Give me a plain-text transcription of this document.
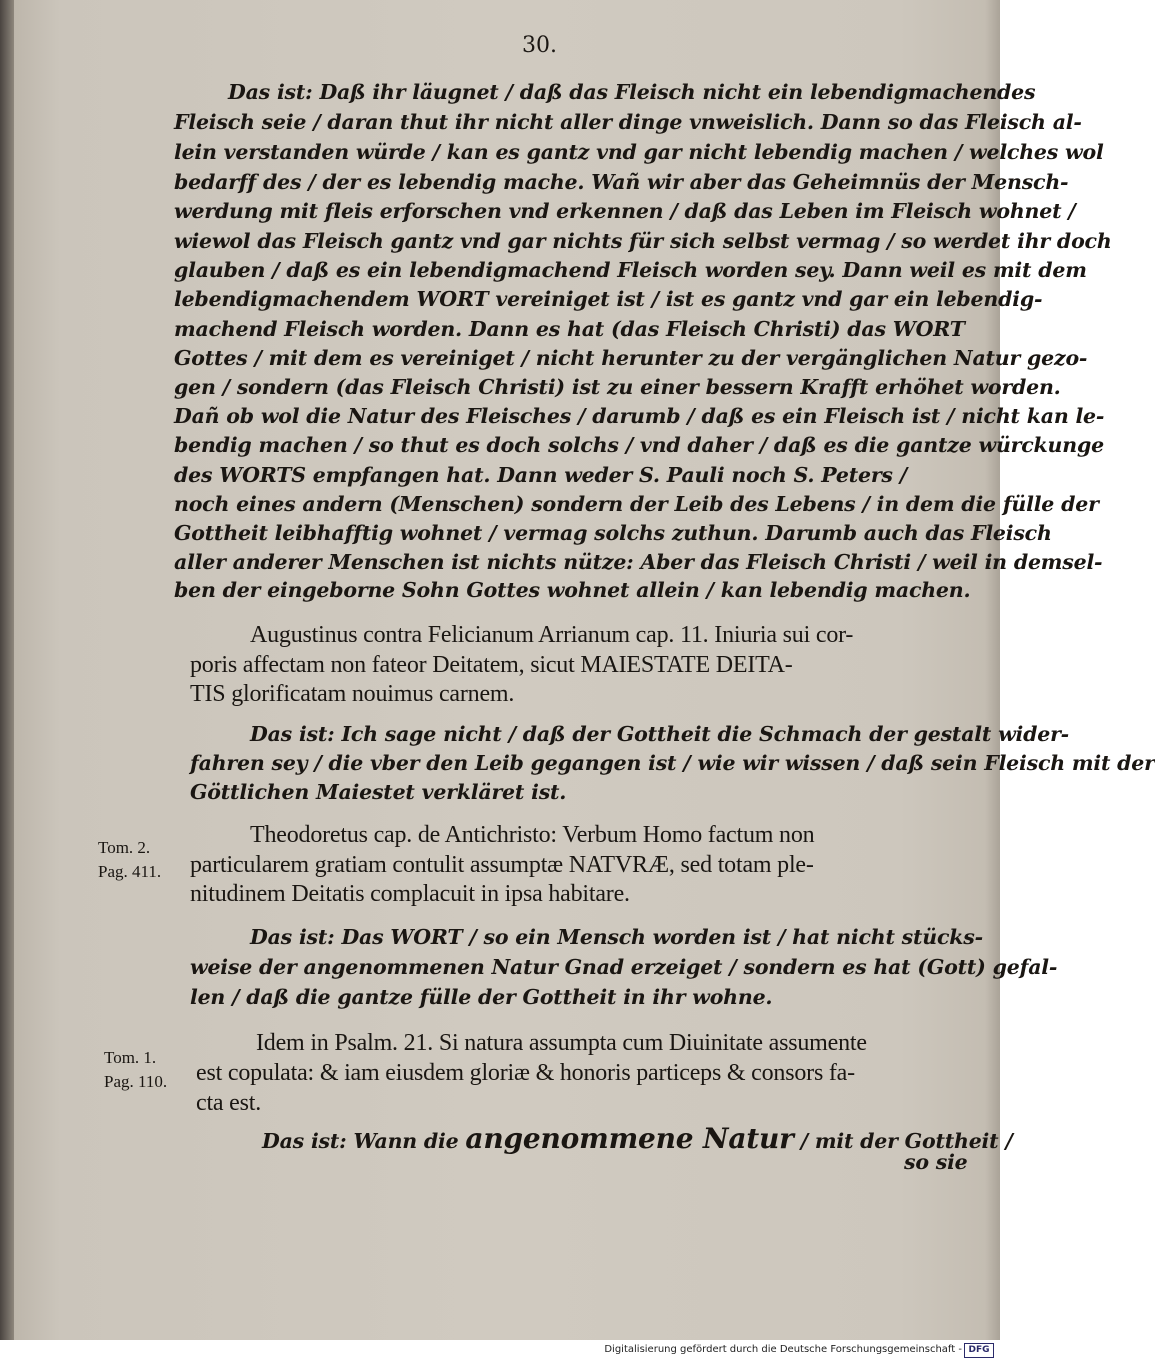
30.
Das ist: Daß ihr läugnet / daß das Fleisch nicht ein lebendigmachendes
Fleisch seie / daran thut ihr nicht aller dinge vnweislich. Dann so das Fleisch al-
lein verstanden würde / kan es gantz vnd gar nicht lebendig machen / welches wol
bedarff des / der es lebendig mache. Wañ wir aber das Geheimnüs der Mensch-
werdung mit fleis erforschen vnd erkennen / daß das Leben im Fleisch wohnet /
wiewol das Fleisch gantz vnd gar nichts für sich selbst vermag / so werdet ihr doch
glauben / daß es ein lebendigmachend Fleisch worden sey. Dann weil es mit dem
lebendigmachendem WORT vereiniget ist / ist es gantz vnd gar ein lebendig-
machend Fleisch worden. Dann es hat (das Fleisch Christi) das WORT
Gottes / mit dem es vereiniget / nicht herunter zu der vergänglichen Natur gezo-
gen / sondern (das Fleisch Christi) ist zu einer bessern Krafft erhöhet worden.
Dañ ob wol die Natur des Fleisches / darumb / daß es ein Fleisch ist / nicht kan le-
bendig machen / so thut es doch solchs / vnd daher / daß es die gantze würckunge
des WORTS empfangen hat. Dann weder S. Pauli noch S. Peters /
noch eines andern (Menschen) sondern der Leib des Lebens / in dem die fülle der
Gottheit leibhafftig wohnet / vermag solchs zuthun. Darumb auch das Fleisch
aller anderer Menschen ist nichts nütze: Aber das Fleisch Christi / weil in demsel-
ben der eingeborne Sohn Gottes wohnet allein / kan lebendig machen.
Augustinus contra Felicianum Arrianum cap. 11. Iniuria sui cor-
poris affectam non fateor Deitatem, sicut MAIESTATE DEITA-
TIS glorificatam nouimus carnem.
Das ist: Ich sage nicht / daß der Gottheit die Schmach der gestalt wider-
fahren sey / die vber den Leib gegangen ist / wie wir wissen / daß sein Fleisch mit der
Göttlichen Maiestet verkläret ist.
Tom. 2.
Pag. 411.
Theodoretus cap. de Antichristo: Verbum Homo factum non
particularem gratiam contulit assumptæ NATVRÆ, sed totam ple-
nitudinem Deitatis complacuit in ipsa habitare.
Das ist: Das WORT / so ein Mensch worden ist / hat nicht stücks-
weise der angenommenen Natur Gnad erzeiget / sondern es hat (Gott) gefal-
len / daß die gantze fülle der Gottheit in ihr wohne.
Tom. 1.
Pag. 110.
Idem in Psalm. 21. Si natura assumpta cum Diuinitate assumente
est copulata: & iam eiusdem gloriæ & honoris particeps & consors fa-
cta est.
Das ist: Wann die angenommene Natur / mit der Gottheit /
so sie
Digitalisierung gefördert durch die Deutsche Forschungsgemeinschaft - DFG
